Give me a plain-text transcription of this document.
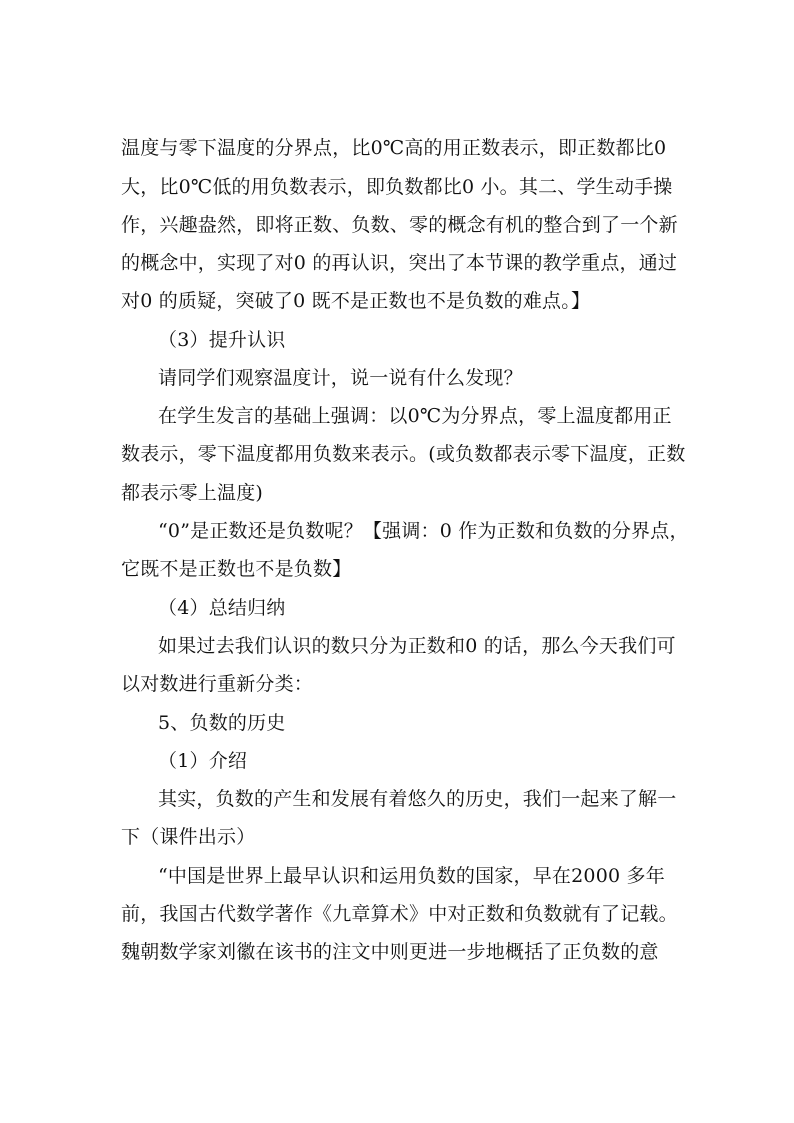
温度与零下温度的分界点，比0℃高的用正数表示，即正数都比0
大，比0℃低的用负数表示，即负数都比0 小。其二、学生动手操
作，兴趣盎然，即将正数、负数、零的概念有机的整合到了一个新
的概念中，实现了对0 的再认识，突出了本节课的教学重点，通过
对0 的质疑，突破了0 既不是正数也不是负数的难点。】
（3）提升认识
请同学们观察温度计，说一说有什么发现？
在学生发言的基础上强调：以0℃为分界点，零上温度都用正
数表示，零下温度都用负数来表示。(或负数都表示零下温度，正数
都表示零上温度)
“0”是正数还是负数呢？【强调：0 作为正数和负数的分界点，
它既不是正数也不是负数】
（4）总结归纳
如果过去我们认识的数只分为正数和0 的话，那么今天我们可
以对数进行重新分类：
5、负数的历史
（1）介绍
其实，负数的产生和发展有着悠久的历史，我们一起来了解一
下（课件出示）
“中国是世界上最早认识和运用负数的国家，早在2000 多年
前，我国古代数学著作《九章算术》中对正数和负数就有了记载。
魏朝数学家刘徽在该书的注文中则更进一步地概括了正负数的意
